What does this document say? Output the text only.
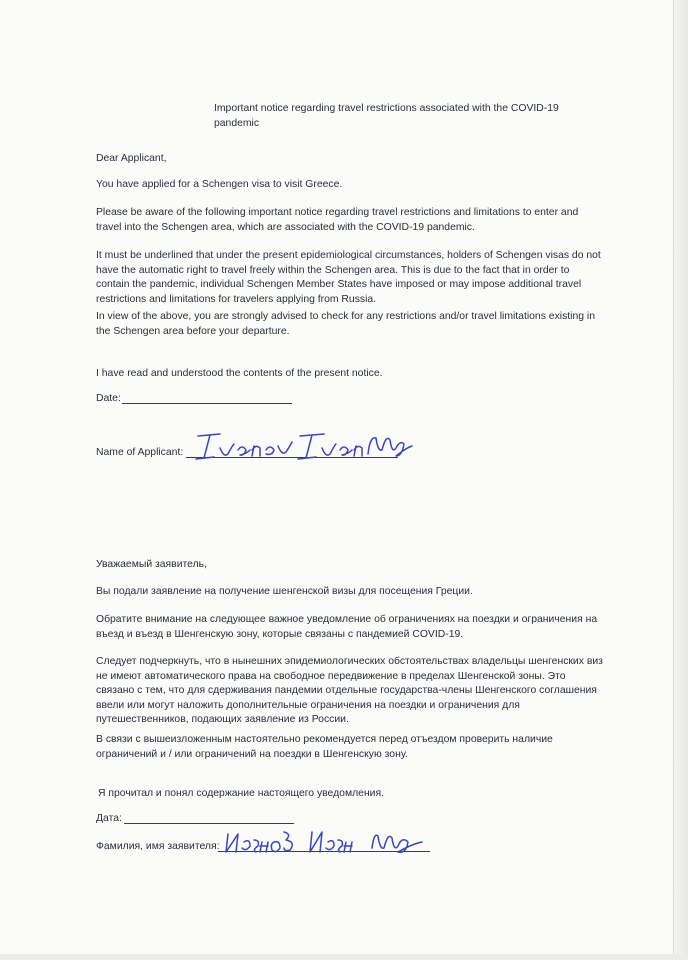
Important notice regarding travel restrictions associated with the COVID-19
pandemic
Dear Applicant,
You have applied for a Schengen visa to visit Greece.
Please be aware of the following important notice regarding travel restrictions and limitations to enter and
travel into the Schengen area, which are associated with the COVID-19 pandemic.
It must be underlined that under the present epidemiological circumstances, holders of Schengen visas do not
have the automatic right to travel freely within the Schengen area. This is due to the fact that in order to
contain the pandemic, individual Schengen Member States have imposed or may impose additional travel
restrictions and limitations for travelers applying from Russia.
In view of the above, you are strongly advised to check for any restrictions and/or travel limitations existing in
the Schengen area before your departure.
I have read and understood the contents of the present notice.
Date:
Name of Applicant:
Уважаемый заявитель,
Вы подали заявление на получение шенгенской визы для посещения Греции.
Обратите внимание на следующее важное уведомление об ограничениях на поездки и ограничения на
въезд и въезд в Шенгенскую зону, которые связаны с пандемией COVID-19.
Следует подчеркнуть, что в нынешних эпидемиологических обстоятельствах владельцы шенгенских виз
не имеют автоматического права на свободное передвижение в пределах Шенгенской зоны. Это
связано с тем, что для сдерживания пандемии отдельные государства-члены Шенгенского соглашения
ввели или могут наложить дополнительные ограничения на поездки и ограничения для
путешественников, подающих заявление из России.
В связи с вышеизложенным настоятельно рекомендуется перед отъездом проверить наличие
ограничений и / или ограничений на поездки в Шенгенскую зону.
Я прочитал и понял содержание настоящего уведомления.
Дата:
Фамилия, имя заявителя:
